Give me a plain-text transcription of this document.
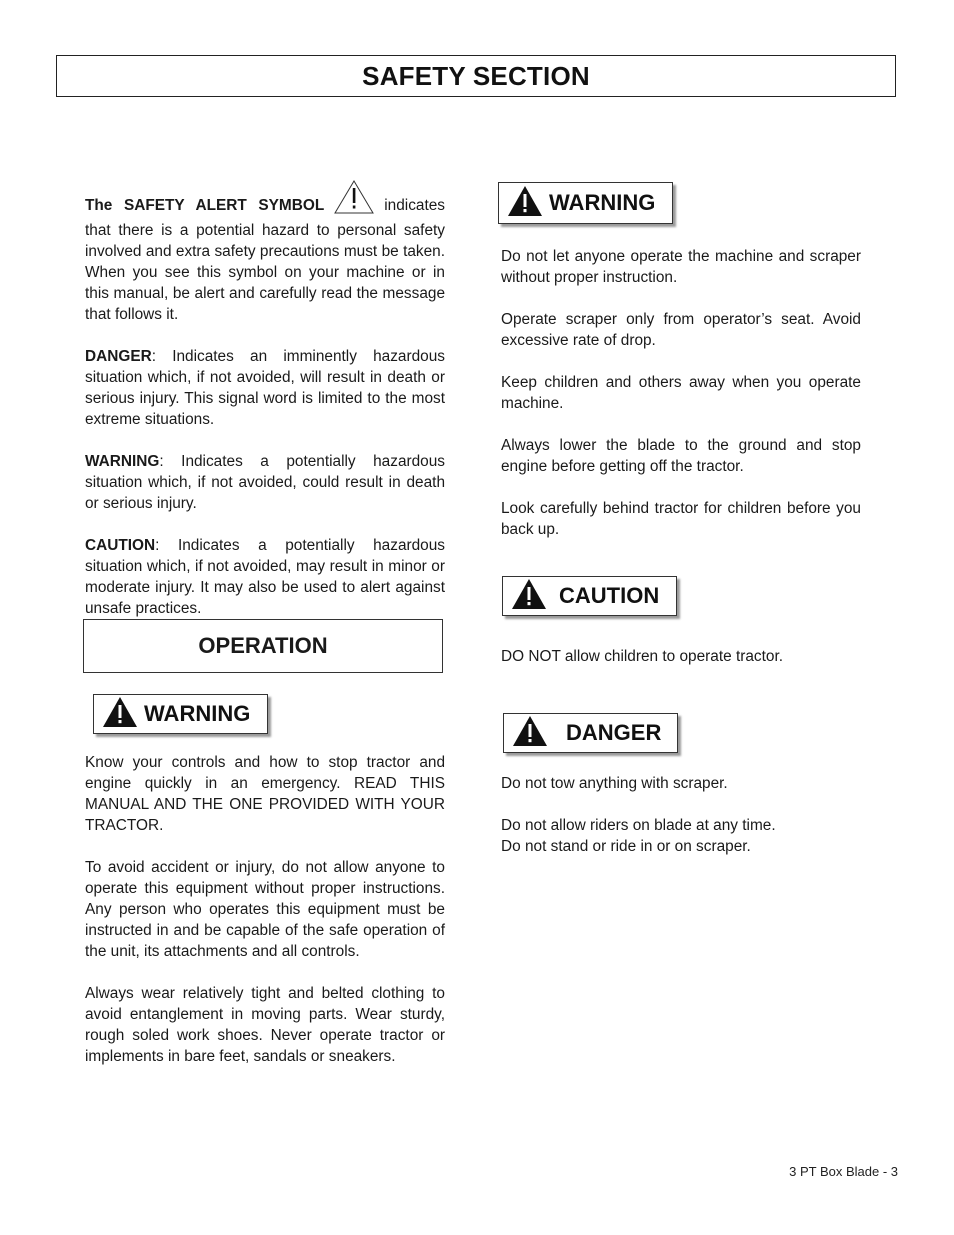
SAFETY SECTION

The SAFETY ALERT SYMBOL	indicates that there is a potential hazard to personal safety involved and extra safety precautions must be taken. When you see this symbol on your machine or in this manual, be alert and carefully read the message that follows it.

DANGER: Indicates an imminently hazardous situation which, if not avoided, will result in death or serious injury. This signal word is limited to the most extreme situations.

WARNING: Indicates a potentially hazardous situation which, if not avoided, could result in death or serious injury.

CAUTION: Indicates a potentially hazardous situation which, if not avoided, may result in minor or moderate injury. It may also be used to alert against unsafe practices.

OPERATION
WARNING

Know your controls and how to stop tractor and engine quickly in an emergency. READ THIS MANUAL AND THE ONE PROVIDED WITH YOUR TRACTOR.

To avoid accident or injury, do not allow anyone to operate this equipment without proper instructions. Any person who operates this equipment must be instructed in and be capable of the safe operation of the unit, its attachments and all controls.

Always wear relatively tight and belted clothing to avoid entanglement in moving parts. Wear sturdy, rough soled work shoes. Never operate tractor or implements in bare feet, sandals or sneakers.

WARNING

Do not let anyone operate the machine and scraper without proper instruction.

Operate scraper only from operator’s seat. Avoid excessive rate of drop.

Keep children and others away when you operate machine.

Always lower the blade to the ground and stop engine before getting off the tractor.

Look carefully behind tractor for children before you back up.

CAUTION

DO NOT allow children to operate tractor.

DANGER

Do not tow anything with scraper.

Do not allow riders on blade at any time.
Do not stand or ride in or on scraper.
3 PT Box Blade - 3
